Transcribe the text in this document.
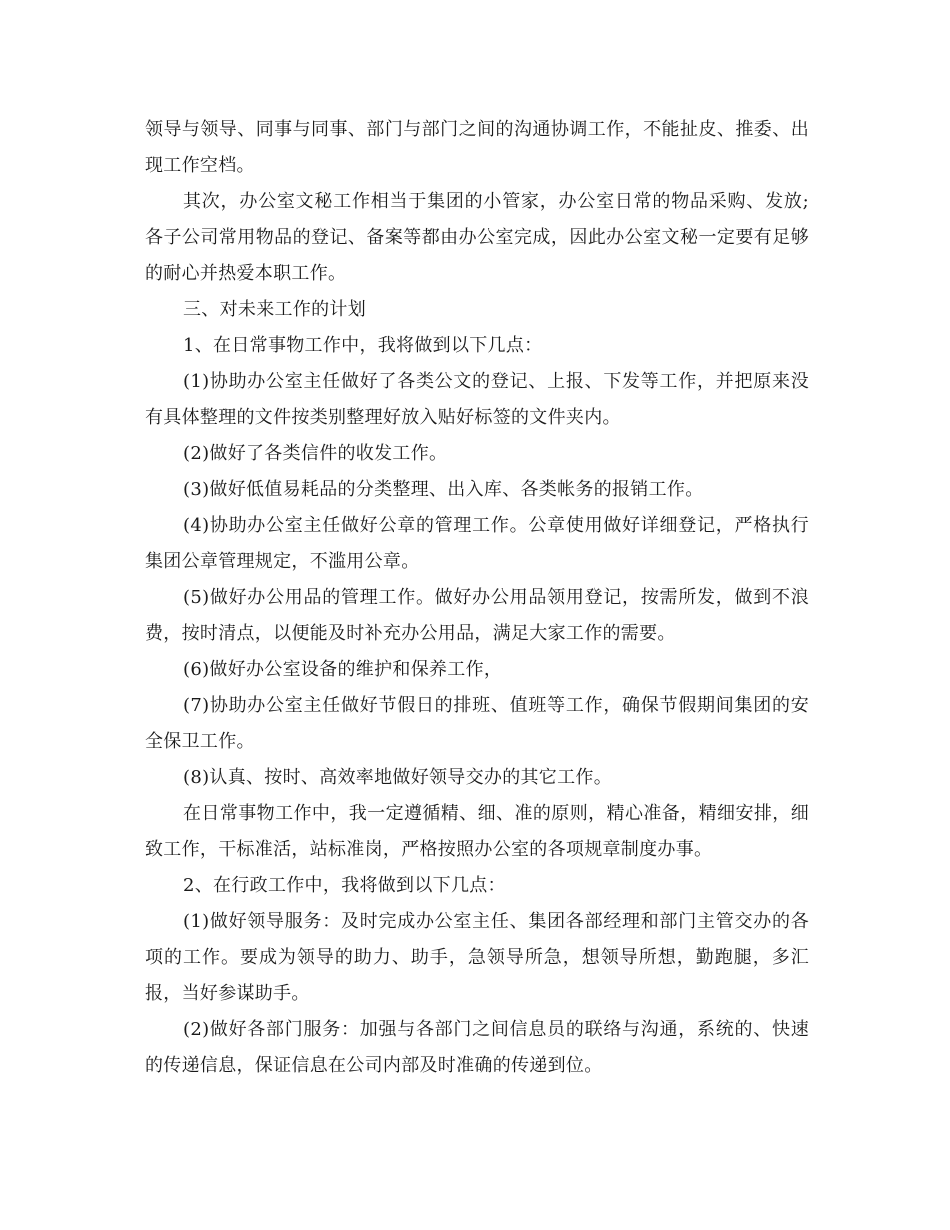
领导与领导、同事与同事、部门与部门之间的沟通协调工作，不能扯皮、推委、出现工作空档。

其次，办公室文秘工作相当于集团的小管家，办公室日常的物品采购、发放;各子公司常用物品的登记、备案等都由办公室完成，因此办公室文秘一定要有足够的耐心并热爱本职工作。

三、对未来工作的计划

1、在日常事物工作中，我将做到以下几点：

(1)协助办公室主任做好了各类公文的登记、上报、下发等工作，并把原来没有具体整理的文件按类别整理好放入贴好标签的文件夹内。

(2)做好了各类信件的收发工作。

(3)做好低值易耗品的分类整理、出入库、各类帐务的报销工作。

(4)协助办公室主任做好公章的管理工作。公章使用做好详细登记，严格执行集团公章管理规定，不滥用公章。

(5)做好办公用品的管理工作。做好办公用品领用登记，按需所发，做到不浪费，按时清点，以便能及时补充办公用品，满足大家工作的需要。

(6)做好办公室设备的维护和保养工作，

(7)协助办公室主任做好节假日的排班、值班等工作，确保节假期间集团的安全保卫工作。

(8)认真、按时、高效率地做好领导交办的其它工作。

在日常事物工作中，我一定遵循精、细、准的原则，精心准备，精细安排，细致工作，干标准活，站标准岗，严格按照办公室的各项规章制度办事。

2、在行政工作中，我将做到以下几点：

(1)做好领导服务：及时完成办公室主任、集团各部经理和部门主管交办的各项的工作。要成为领导的助力、助手，急领导所急，想领导所想，勤跑腿，多汇报，当好参谋助手。

(2)做好各部门服务：加强与各部门之间信息员的联络与沟通，系统的、快速的传递信息，保证信息在公司内部及时准确的传递到位。
